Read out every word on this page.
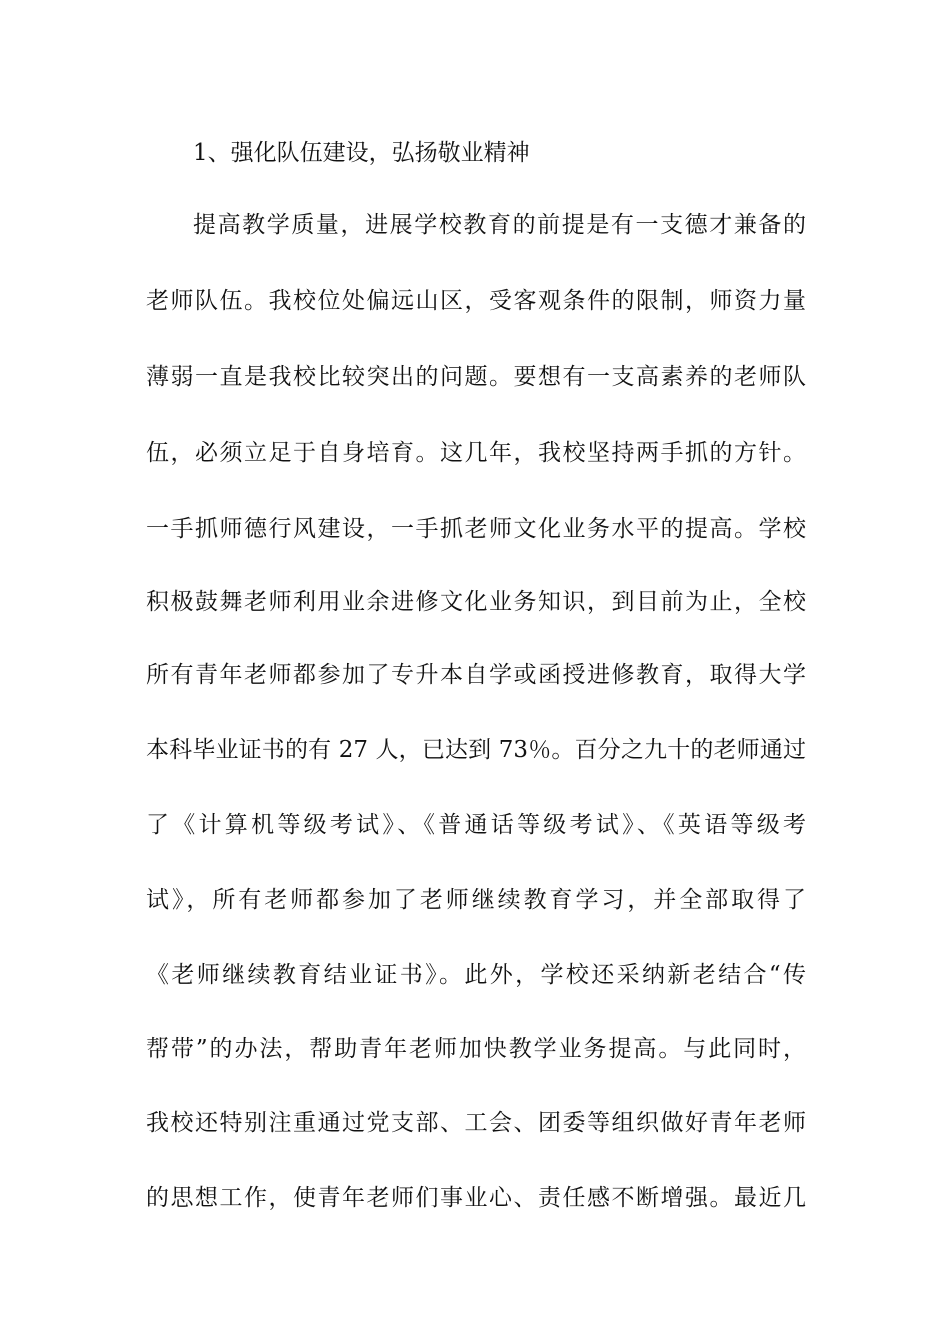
1、强化队伍建设，弘扬敬业精神
提高教学质量，进展学校教育的前提是有一支德才兼备的
老师队伍。我校位处偏远山区，受客观条件的限制，师资力量
薄弱一直是我校比较突出的问题。要想有一支高素养的老师队
伍，必须立足于自身培育。这几年，我校坚持两手抓的方针。
一手抓师德行风建设，一手抓老师文化业务水平的提高。学校
积极鼓舞老师利用业余进修文化业务知识，到目前为止，全校
所有青年老师都参加了专升本自学或函授进修教育，取得大学
本科毕业证书的有 27 人，已达到 73％。百分之九十的老师通过
了《计算机等级考试》、《普通话等级考试》、《英语等级考
试》，所有老师都参加了老师继续教育学习，并全部取得了
《老师继续教育结业证书》。此外，学校还采纳新老结合“传
帮带”的办法，帮助青年老师加快教学业务提高。与此同时，
我校还特别注重通过党支部、工会、团委等组织做好青年老师
的思想工作，使青年老师们事业心、责任感不断增强。最近几
